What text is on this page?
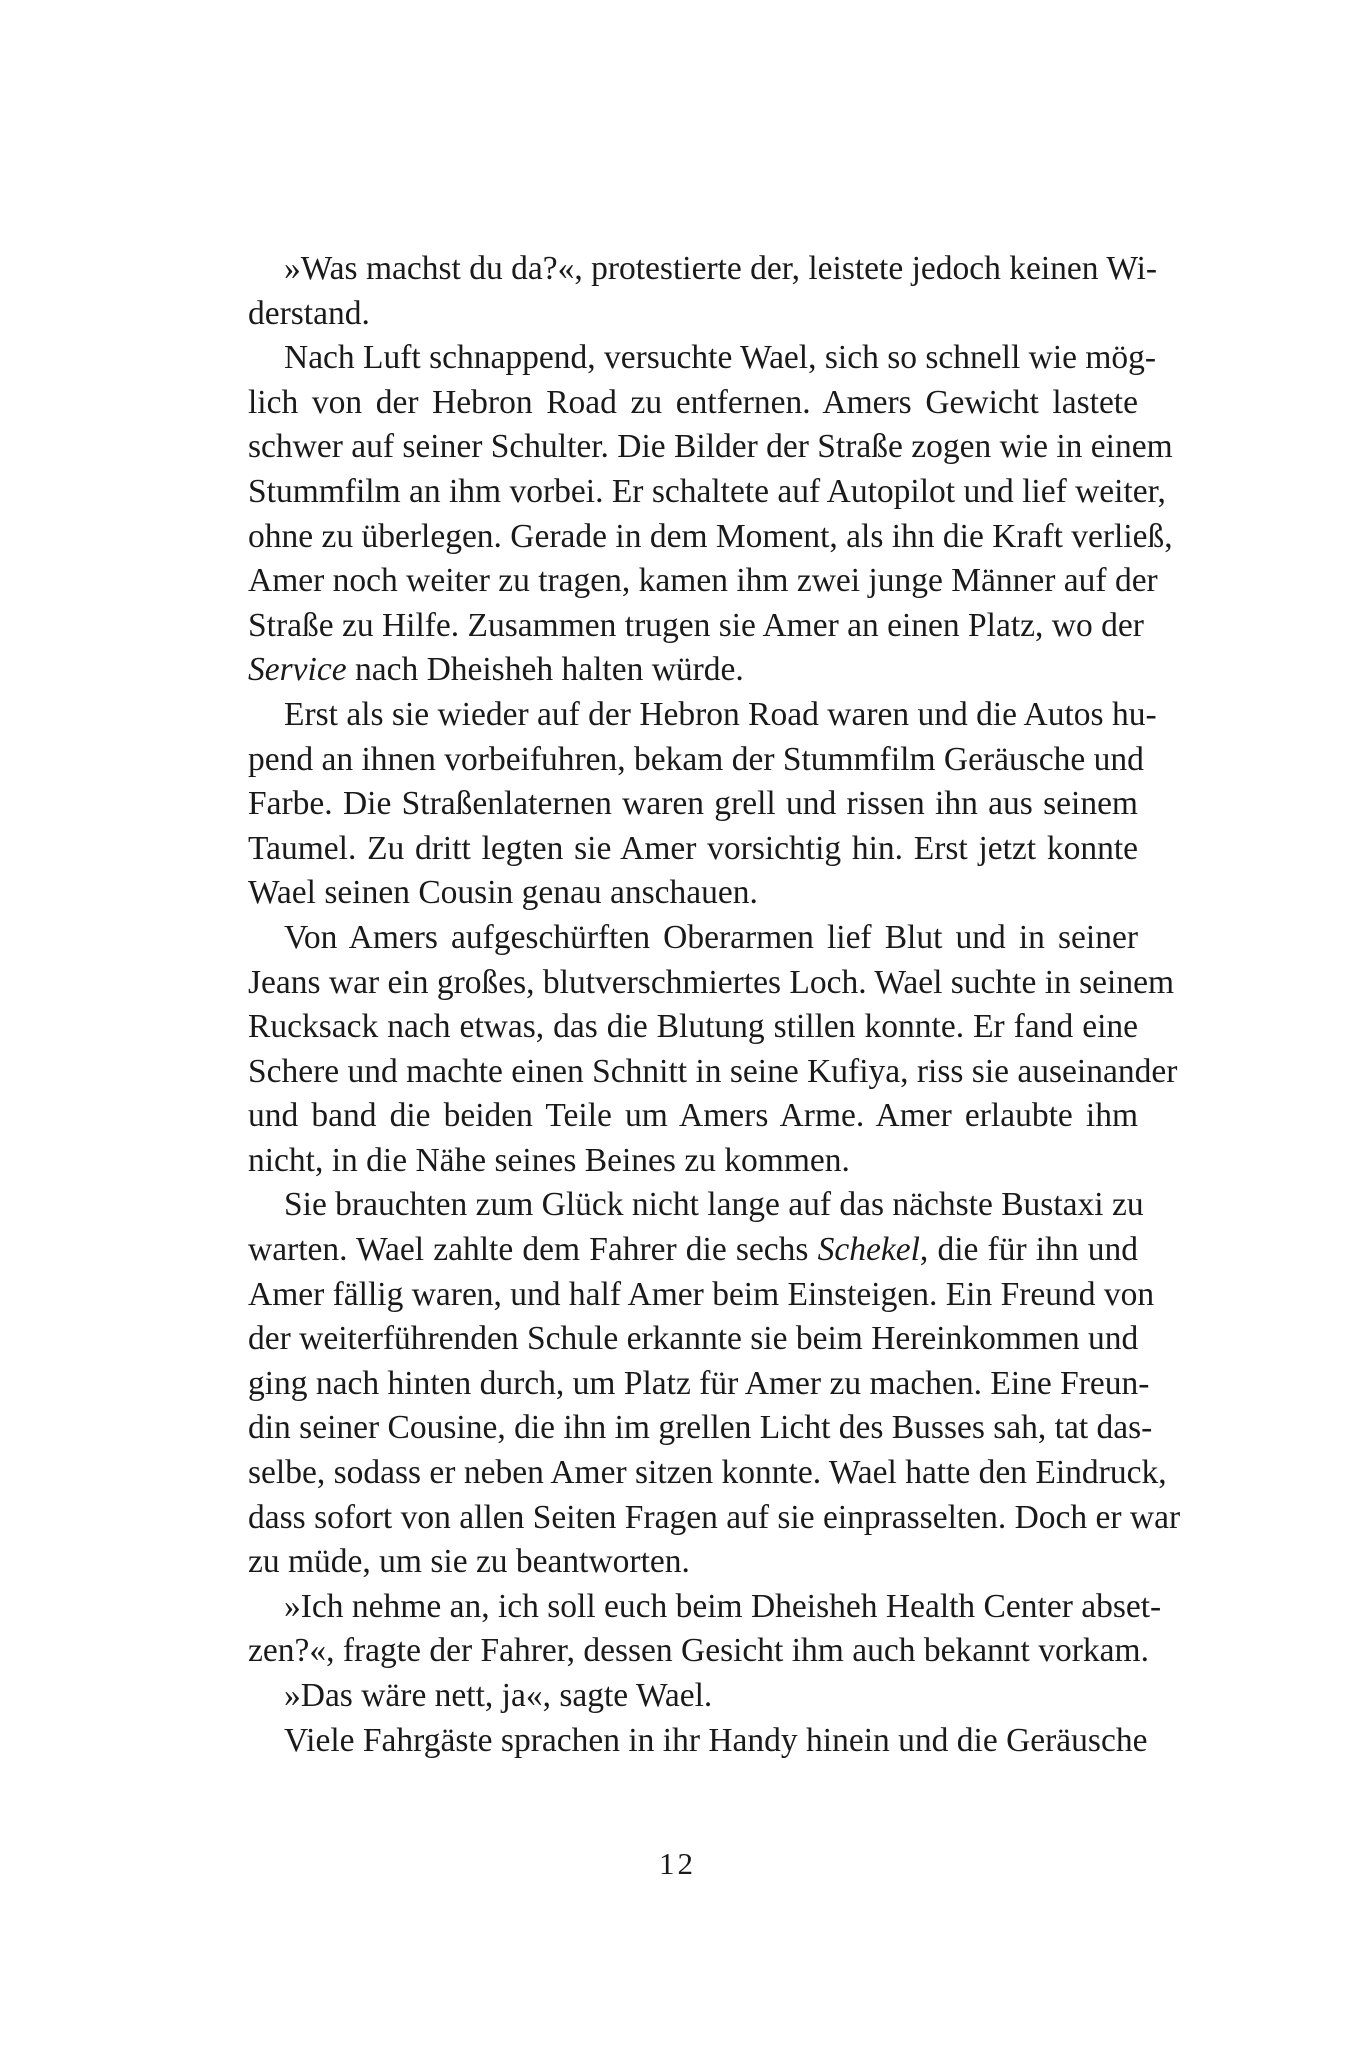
»Was machst du da?«, protestierte der, leistete jedoch keinen Wi-
derstand.
Nach Luft schnappend, versuchte Wael, sich so schnell wie mög-
lich von der Hebron Road zu entfernen. Amers Gewicht lastete
schwer auf seiner Schulter. Die Bilder der Straße zogen wie in einem
Stummfilm an ihm vorbei. Er schaltete auf Autopilot und lief weiter,
ohne zu überlegen. Gerade in dem Moment, als ihn die Kraft verließ,
Amer noch weiter zu tragen, kamen ihm zwei junge Männer auf der
Straße zu Hilfe. Zusammen trugen sie Amer an einen Platz, wo der
Service nach Dheisheh halten würde.
Erst als sie wieder auf der Hebron Road waren und die Autos hu-
pend an ihnen vorbeifuhren, bekam der Stummfilm Geräusche und
Farbe. Die Straßenlaternen waren grell und rissen ihn aus seinem
Taumel. Zu dritt legten sie Amer vorsichtig hin. Erst jetzt konnte
Wael seinen Cousin genau anschauen.
Von Amers aufgeschürften Oberarmen lief Blut und in seiner
Jeans war ein großes, blutverschmiertes Loch. Wael suchte in seinem
Rucksack nach etwas, das die Blutung stillen konnte. Er fand eine
Schere und machte einen Schnitt in seine Kufiya, riss sie auseinander
und band die beiden Teile um Amers Arme. Amer erlaubte ihm
nicht, in die Nähe seines Beines zu kommen.
Sie brauchten zum Glück nicht lange auf das nächste Bustaxi zu
warten. Wael zahlte dem Fahrer die sechs Schekel, die für ihn und
Amer fällig waren, und half Amer beim Einsteigen. Ein Freund von
der weiterführenden Schule erkannte sie beim Hereinkommen und
ging nach hinten durch, um Platz für Amer zu machen. Eine Freun-
din seiner Cousine, die ihn im grellen Licht des Busses sah, tat das-
selbe, sodass er neben Amer sitzen konnte. Wael hatte den Eindruck,
dass sofort von allen Seiten Fragen auf sie einprasselten. Doch er war
zu müde, um sie zu beantworten.
»Ich nehme an, ich soll euch beim Dheisheh Health Center abset-
zen?«, fragte der Fahrer, dessen Gesicht ihm auch bekannt vorkam.
»Das wäre nett, ja«, sagte Wael.
Viele Fahrgäste sprachen in ihr Handy hinein und die Geräusche
12
